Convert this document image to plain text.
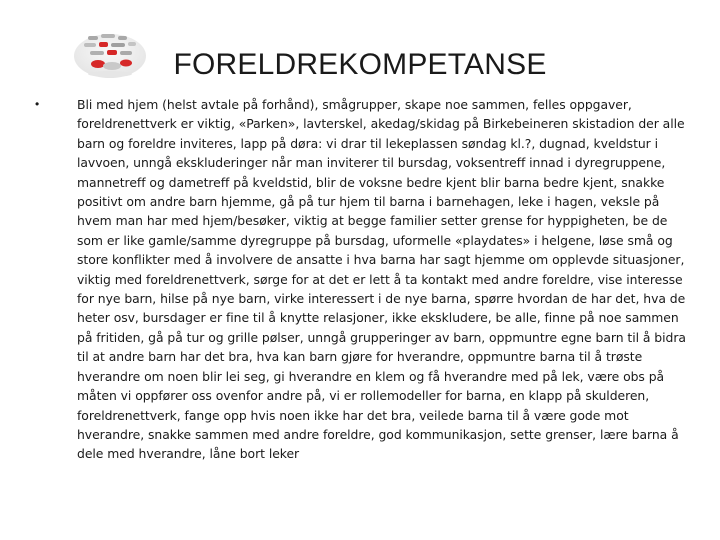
FORELDREKOMPETANSE
•	Bli med hjem (helst avtale på forhånd), smågrupper, skape noe sammen, felles oppgaver, foreldrenettverk er viktig, «Parken», lavterskel, akedag/skidag på Birkebeineren skistadion der alle barn og foreldre inviteres, lapp på døra: vi drar til lekeplassen søndag kl.?, dugnad, kveldstur i lavvoen, unngå ekskluderinger når man inviterer til bursdag, voksentreff innad i dyregruppene, mannetreff og dametreff på kveldstid, blir de voksne bedre kjent blir barna bedre kjent, snakke positivt om andre barn hjemme, gå på tur hjem til barna i barnehagen, leke i hagen, veksle på hvem man har med hjem/besøker, viktig at begge familier setter grense for hyppigheten, be de som er like gamle/samme dyregruppe på bursdag, uformelle «playdates» i helgene, løse små og store konflikter med å involvere de ansatte i hva barna har sagt hjemme om opplevde situasjoner, viktig med foreldrenettverk, sørge for at det er lett å ta kontakt med andre foreldre, vise interesse for nye barn, hilse på nye barn, virke interessert i de nye barna, spørre hvordan de har det, hva de heter osv, bursdager er fine til å knytte relasjoner, ikke ekskludere, be alle, finne på noe sammen på fritiden, gå på tur og grille pølser, unngå grupperinger av barn, oppmuntre egne barn til å bidra til at andre barn har det bra, hva kan barn gjøre for hverandre, oppmuntre barna til å trøste hverandre om noen blir lei seg, gi hverandre en klem og få hverandre med på lek, være obs på måten vi oppfører oss ovenfor andre på, vi er rollemodeller for barna, en klapp på skulderen, foreldrenettverk, fange opp hvis noen ikke har det bra, veilede barna til å være gode mot hverandre, snakke sammen med andre foreldre, god kommunikasjon, sette grenser, lære barna å dele med hverandre, låne bort leker
